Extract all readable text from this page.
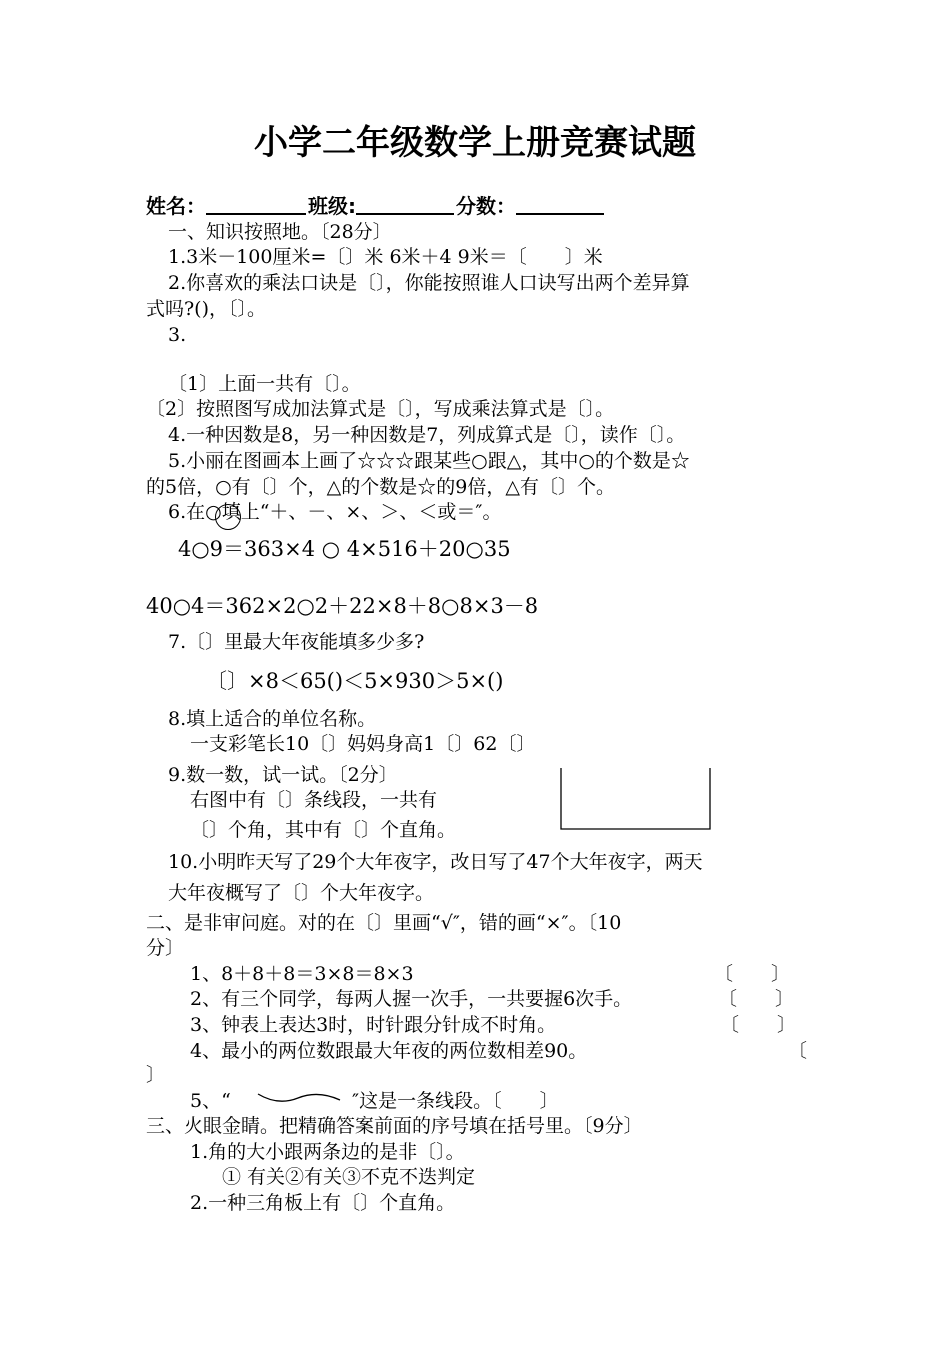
小学二年级数学上册竞赛试题
姓名：	班级:	分数：
一、知识按照地。〔28分〕
1.3米－100厘米=〔〕米 6米＋4 9米＝〔　　〕米
2.你喜欢的乘法口诀是〔〕，你能按照谁人口诀写出两个差异算
式吗?()，〔〕。
3.
〔1〕上面一共有〔〕。
〔2〕按照图写成加法算式是〔〕，写成乘法算式是〔〕。
4.一种因数是8，另一种因数是7，列成算式是〔〕，读作〔〕。
5.小丽在图画本上画了☆☆☆跟某些○跟△，其中○的个数是☆
的5倍，○有〔〕个，△的个数是☆的9倍，△有〔〕个。
6.在○填上“＋、－、×、＞、＜或＝″。
4○9＝363×4 ○ 4×516＋20○35
40○4＝362×2○2＋22×8＋8○8×3－8
7.〔〕里最大年夜能填多少多?
〔〕×8＜65()＜5×930＞5×()
8.填上适合的单位名称。
一支彩笔长10〔〕妈妈身高1〔〕62〔〕
9.数一数，试一试。〔2分〕
右图中有〔〕条线段，一共有
〔〕个角，其中有〔〕个直角。
10.小明昨天写了29个大年夜字，改日写了47个大年夜字，两天
大年夜概写了〔〕个大年夜字。
二、是非审问庭。对的在〔〕里画“√″，错的画“×″。〔10
分〕
1、8＋8＋8＝3×8＝8×3	〔　　〕
2、有三个同学，每两人握一次手，一共要握6次手。	〔　　〕
3、钟表上表达3时，时针跟分针成不时角。	〔　　〕
4、最小的两位数跟最大年夜的两位数相差90。	〔
〕
5、“	″这是一条线段。〔　　〕
三、火眼金睛。把精确答案前面的序号填在括号里。〔9分〕
1.角的大小跟两条边的是非〔〕。
① 有关②有关③不克不迭判定
2.一种三角板上有〔〕个直角。
